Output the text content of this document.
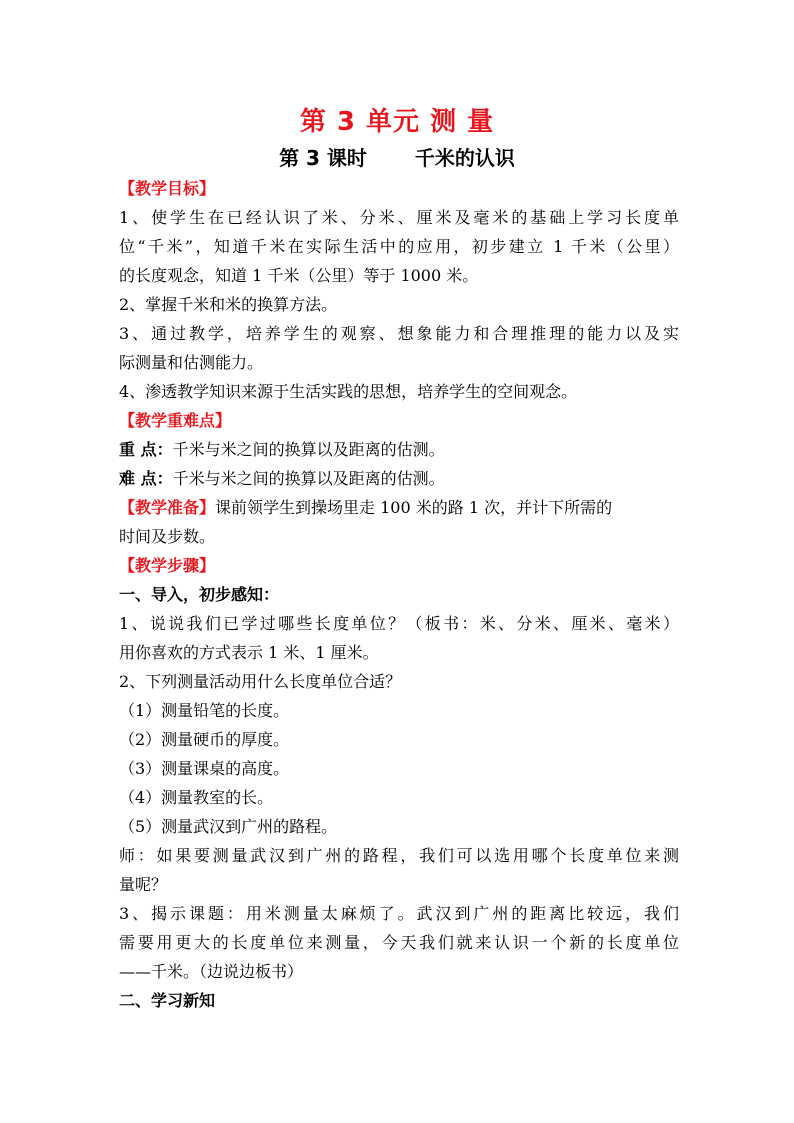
第 3 单元 测 量
第 3 课时 千米的认识
【教学目标】
1、使学生在已经认识了米、分米、厘米及毫米的基础上学习长度单
位“千米”，知道千米在实际生活中的应用，初步建立 1 千米（公里）
的长度观念，知道 1 千米（公里）等于 1000 米。
2、掌握千米和米的换算方法。
3、通过教学，培养学生的观察、想象能力和合理推理的能力以及实
际测量和估测能力。
4、渗透教学知识来源于生活实践的思想，培养学生的空间观念。
【教学重难点】
重 点：千米与米之间的换算以及距离的估测。
难 点：千米与米之间的换算以及距离的估测。
【教学准备】课前领学生到操场里走 100 米的路 1 次，并计下所需的
时间及步数。
【教学步骤】
一、导入，初步感知：
1、说说我们已学过哪些长度单位？（板书：米、分米、厘米、毫米）
用你喜欢的方式表示 1 米、1 厘米。
2、下列测量活动用什么长度单位合适？
（1）测量铅笔的长度。
（2）测量硬币的厚度。
（3）测量课桌的高度。
（4）测量教室的长。
（5）测量武汉到广州的路程。
师：如果要测量武汉到广州的路程，我们可以选用哪个长度单位来测
量呢？
3、揭示课题：用米测量太麻烦了。武汉到广州的距离比较远，我们
需要用更大的长度单位来测量，今天我们就来认识一个新的长度单位
——千米。（边说边板书）
二、学习新知
